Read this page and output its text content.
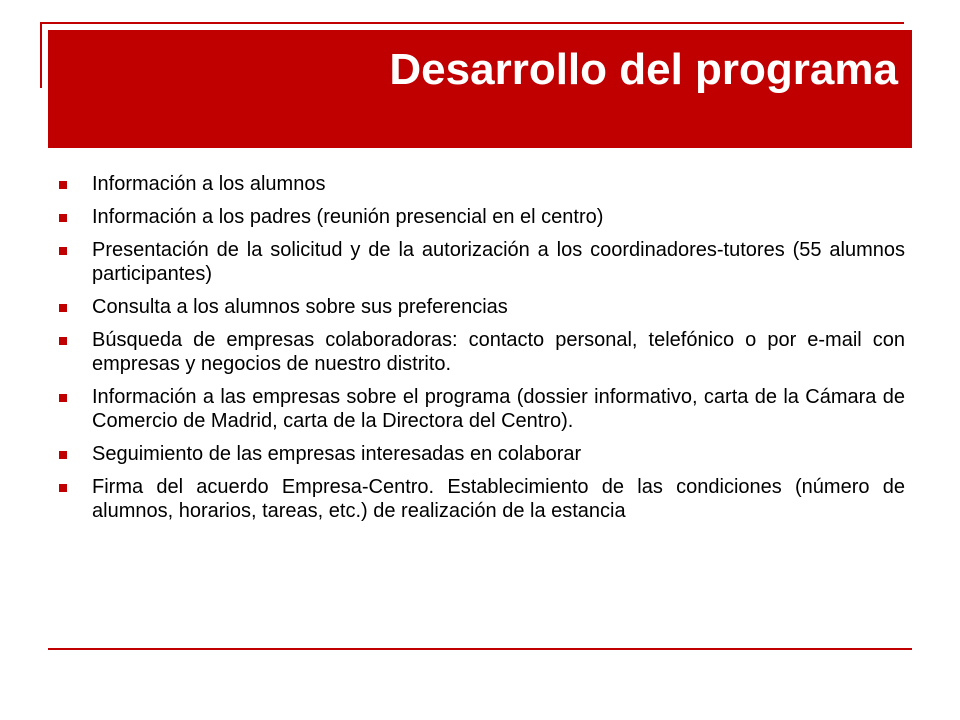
Desarrollo del programa
Información a los alumnos
Información a los padres (reunión presencial en el centro)
Presentación de la solicitud y de la autorización a los coordinadores-tutores (55 alumnos participantes)
Consulta a los alumnos sobre sus preferencias
Búsqueda de empresas colaboradoras: contacto personal, telefónico o por e-mail con empresas y negocios de nuestro distrito.
Información a las empresas sobre el programa (dossier informativo, carta de la Cámara de Comercio de Madrid, carta de la Directora del Centro).
Seguimiento de las empresas interesadas en colaborar
Firma del acuerdo Empresa-Centro. Establecimiento de las condiciones (número de alumnos, horarios, tareas, etc.) de realización de la estancia
